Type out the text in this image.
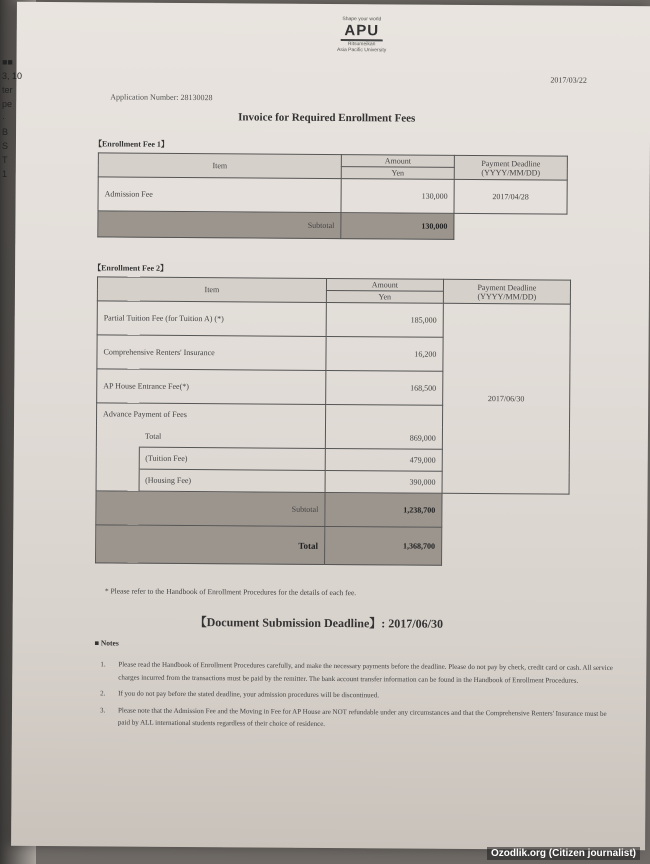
Shape your world
APU
Ritsumeikan
Asia Pacific University
2017/03/22
Application Number: 28130028
Invoice for Required Enrollment Fees
【Enrollment Fee 1】
Item	Amount	Payment Deadline (YYYY/MM/DD)
	Yen	
Admission Fee	130,000	2017/04/28
Subtotal	130,000	
【Enrollment Fee 2】
Item		Amount	Payment Deadline (YYYY/MM/DD)
		Yen	
Partial Tuition Fee (for Tuition A) (*)		185,000	2017/06/30
Comprehensive Renters' Insurance		16,200	
AP House Entrance Fee(*)		168,500	
Advance Payment of Fees			
	Total	869,000	
	(Tuition Fee)	479,000	
	(Housing Fee)	390,000	
Subtotal		1,238,700	
Total		1,368,700	
* Please refer to the Handbook of Enrollment Procedures for the details of each fee.
【Document Submission Deadline】: 2017/06/30
■ Notes
1.	Please read the Handbook of Enrollment Procedures carefully, and make the necessary payments before the deadline. Please do not pay by check, credit card or cash. All service charges incurred from the transactions must be paid by the remitter. The bank account transfer information can be found in the Handbook of Enrollment Procedures.
2.	If you do not pay before the stated deadline, your admission procedures will be discontinued.
3.	Please note that the Admission Fee and the Moving in Fee for AP House are NOT refundable under any circumstances and that the Comprehensive Renters' Insurance must be paid by ALL international students regardless of their choice of residence.
■■
3, 10
ter
pe
·
B
S
T
1
Ozodlik.org (Citizen journalist)
